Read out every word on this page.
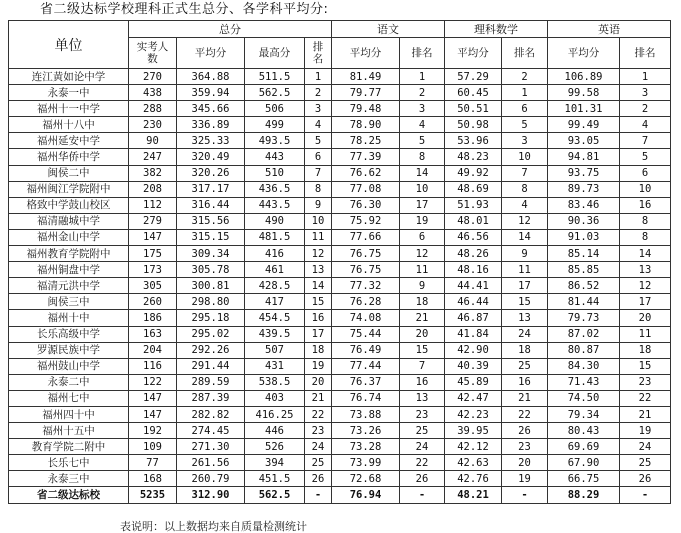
省二级达标学校理科正式生总分、各学科平均分:
单位	总分				语文		理科数学		英语	
	实考人数	平均分	最高分	排名	平均分	排名	平均分	排名	平均分	排名
连江黄如论中学	270	364.88	511.5	1	81.49	1	57.29	2	106.89	1
永泰一中	438	359.94	562.5	2	79.77	2	60.45	1	99.58	3
福州十一中学	288	345.66	506	3	79.48	3	50.51	6	101.31	2
福州十八中	230	336.89	499	4	78.90	4	50.98	5	99.49	4
福州延安中学	90	325.33	493.5	5	78.25	5	53.96	3	93.05	7
福州华侨中学	247	320.49	443	6	77.39	8	48.23	10	94.81	5
闽侯二中	382	320.26	510	7	76.62	14	49.92	7	93.75	6
福州闽江学院附中	208	317.17	436.5	8	77.08	10	48.69	8	89.73	10
格致中学鼓山校区	112	316.44	443.5	9	76.30	17	51.93	4	83.46	16
福清融城中学	279	315.56	490	10	75.92	19	48.01	12	90.36	8
福州金山中学	147	315.15	481.5	11	77.66	6	46.56	14	91.03	8
福州教育学院附中	175	309.34	416	12	76.75	12	48.26	9	85.14	14
福州铜盘中学	173	305.78	461	13	76.75	11	48.16	11	85.85	13
福清元洪中学	305	300.81	428.5	14	77.32	9	44.41	17	86.52	12
闽侯三中	260	298.80	417	15	76.28	18	46.44	15	81.44	17
福州十中	186	295.18	454.5	16	74.08	21	46.87	13	79.73	20
长乐高级中学	163	295.02	439.5	17	75.44	20	41.84	24	87.02	11
罗源民族中学	204	292.26	507	18	76.49	15	42.90	18	80.87	18
福州鼓山中学	116	291.44	431	19	77.44	7	40.39	25	84.30	15
永泰二中	122	289.59	538.5	20	76.37	16	45.89	16	71.43	23
福州七中	147	287.39	403	21	76.74	13	42.47	21	74.50	22
福州四十中	147	282.82	416.25	22	73.88	23	42.23	22	79.34	21
福州十五中	192	274.45	446	23	73.26	25	39.95	26	80.43	19
教育学院二附中	109	271.30	526	24	73.28	24	42.12	23	69.69	24
长乐七中	77	261.56	394	25	73.99	22	42.63	20	67.90	25
永泰三中	168	260.79	451.5	26	72.68	26	42.76	19	66.75	26
省二级达标校	5235	312.90	562.5	-	76.94	-	48.21	-	88.29	-
表说明：以上数据均来自质量检测统计
